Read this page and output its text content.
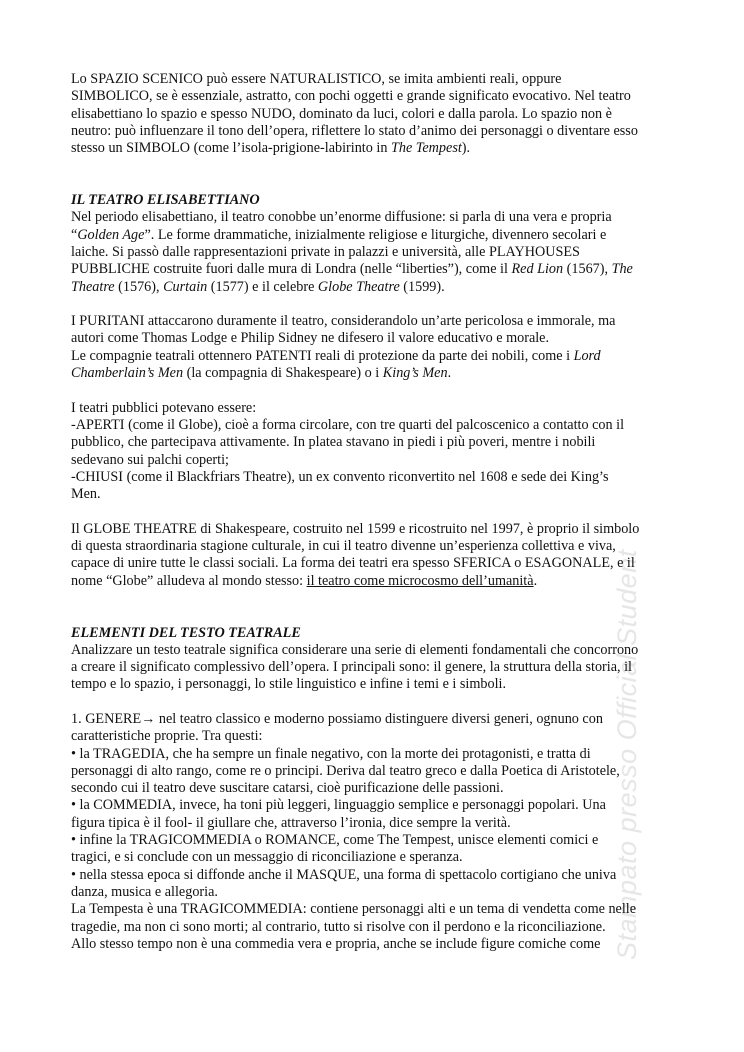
Stampato presso Official Student
Lo SPAZIO SCENICO può essere NATURALISTICO, se imita ambienti reali, oppure
SIMBOLICO, se è essenziale, astratto, con pochi oggetti e grande significato evocativo. Nel teatro
elisabettiano lo spazio e spesso NUDO, dominato da luci, colori e dalla parola. Lo spazio non è
neutro: può influenzare il tono dell’opera, riflettere lo stato d’animo dei personaggi o diventare esso
stesso un SIMBOLO (come l’isola-prigione-labirinto in The Tempest).
IL TEATRO ELISABETTIANO
Nel periodo elisabettiano, il teatro conobbe un’enorme diffusione: si parla di una vera e propria
“Golden Age”. Le forme drammatiche, inizialmente religiose e liturgiche, divennero secolari e
laiche. Si passò dalle rappresentazioni private in palazzi e università, alle PLAYHOUSES
PUBBLICHE costruite fuori dalle mura di Londra (nelle “liberties”), come il Red Lion (1567), The
Theatre (1576), Curtain (1577) e il celebre Globe Theatre (1599).
I PURITANI attaccarono duramente il teatro, considerandolo un’arte pericolosa e immorale, ma
autori come Thomas Lodge e Philip Sidney ne difesero il valore educativo e morale.
Le compagnie teatrali ottennero PATENTI reali di protezione da parte dei nobili, come i Lord
Chamberlain’s Men (la compagnia di Shakespeare) o i King’s Men.
I teatri pubblici potevano essere:
-APERTI (come il Globe), cioè a forma circolare, con tre quarti del palcoscenico a contatto con il
pubblico, che partecipava attivamente. In platea stavano in piedi i più poveri, mentre i nobili
sedevano sui palchi coperti;
-CHIUSI (come il Blackfriars Theatre), un ex convento riconvertito nel 1608 e sede dei King’s
Men.
Il GLOBE THEATRE di Shakespeare, costruito nel 1599 e ricostruito nel 1997, è proprio il simbolo
di questa straordinaria stagione culturale, in cui il teatro divenne un’esperienza collettiva e viva,
capace di unire tutte le classi sociali. La forma dei teatri era spesso SFERICA o ESAGONALE, e il
nome “Globe” alludeva al mondo stesso: il teatro come microcosmo dell’umanità.
ELEMENTI DEL TESTO TEATRALE
Analizzare un testo teatrale significa considerare una serie di elementi fondamentali che concorrono
a creare il significato complessivo dell’opera. I principali sono: il genere, la struttura della storia, il
tempo e lo spazio, i personaggi, lo stile linguistico e infine i temi e i simboli.
1. GENERE→ nel teatro classico e moderno possiamo distinguere diversi generi, ognuno con
caratteristiche proprie. Tra questi:
• la TRAGEDIA, che ha sempre un finale negativo, con la morte dei protagonisti, e tratta di
personaggi di alto rango, come re o principi. Deriva dal teatro greco e dalla Poetica di Aristotele,
secondo cui il teatro deve suscitare catarsi, cioè purificazione delle passioni.
• la COMMEDIA, invece, ha toni più leggeri, linguaggio semplice e personaggi popolari. Una
figura tipica è il fool- il giullare che, attraverso l’ironia, dice sempre la verità.
• infine la TRAGICOMMEDIA o ROMANCE, come The Tempest, unisce elementi comici e
tragici, e si conclude con un messaggio di riconciliazione e speranza.
• nella stessa epoca si diffonde anche il MASQUE, una forma di spettacolo cortigiano che univa
danza, musica e allegoria.
La Tempesta è una TRAGICOMMEDIA: contiene personaggi alti e un tema di vendetta come nelle
tragedie, ma non ci sono morti; al contrario, tutto si risolve con il perdono e la riconciliazione.
Allo stesso tempo non è una commedia vera e propria, anche se include figure comiche come
